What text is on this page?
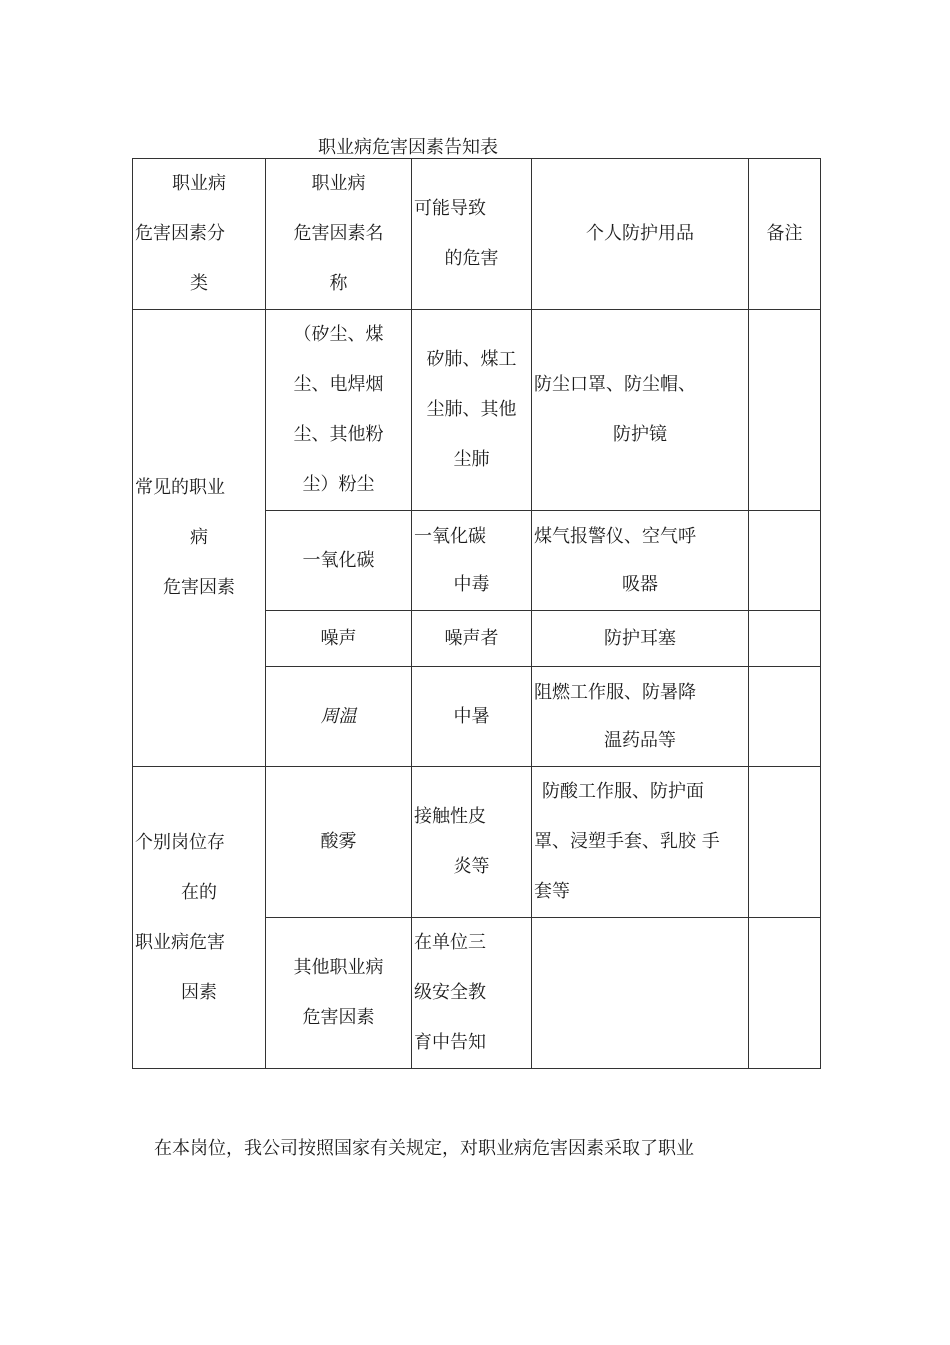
职业病危害因素告知表
职业病
危害因素分
类	职业病
危害因素名
称	可能导致
的危害	个人防护用品	备注

常见的职业
病
危害因素	（矽尘、煤
尘、电焊烟
尘、其他粉
尘）粉尘	矽肺、煤工
尘肺、其他
尘肺	防尘口罩、防尘帽、
防护镜	

	一氧化碳	一氧化碳
中毒	煤气报警仪、空气呼
吸器	

	噪声	噪声者	防护耳塞	
	周温	中暑	阻燃工作服、防暑降
温药品等	

个别岗位存
在的
职业病危害
因素	酸雾	接触性皮
炎等	防酸工作服、防护面
罩、浸塑手套、乳胶 手
套等	

	其他职业病
危害因素	在单位三
级安全教
育中告知		

在本岗位，我公司按照国家有关规定，对职业病危害因素采取了职业
